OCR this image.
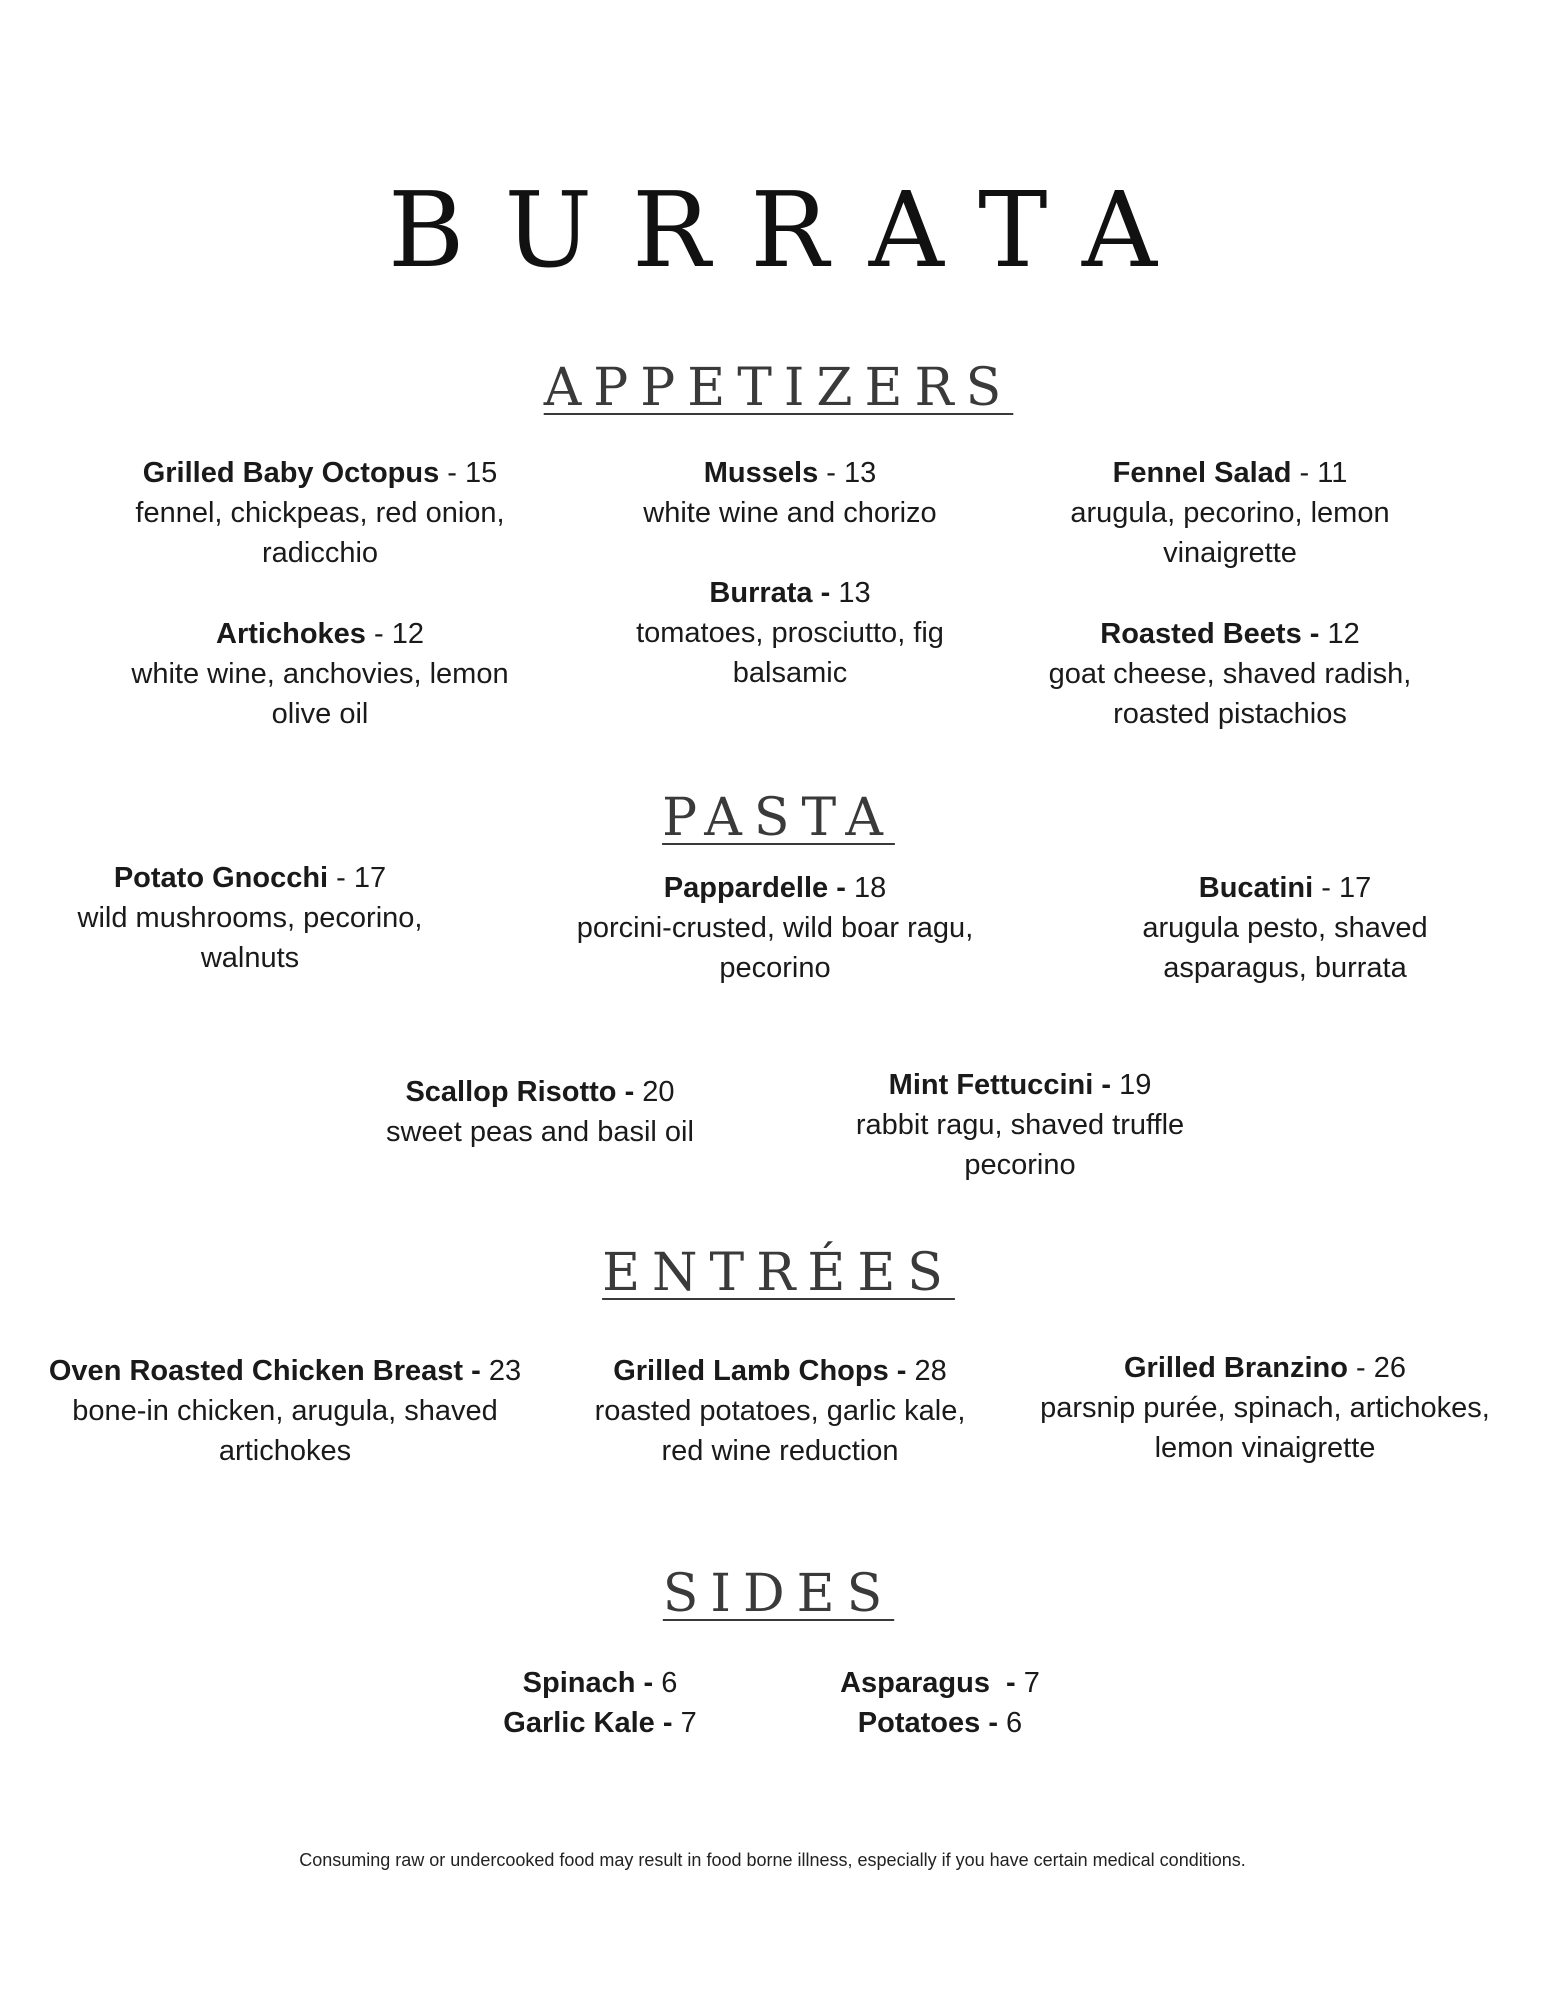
BURRATA
APPETIZERS
Grilled Baby Octopus - 15
fennel, chickpeas, red onion, radicchio
Artichokes - 12
white wine, anchovies, lemon olive oil
Mussels - 13
white wine and chorizo
Burrata - 13
tomatoes, prosciutto, fig balsamic
Fennel Salad - 11
arugula, pecorino, lemon vinaigrette
Roasted Beets - 12
goat cheese, shaved radish, roasted pistachios
PASTA
Potato Gnocchi - 17
wild mushrooms, pecorino, walnuts
Pappardelle - 18
porcini-crusted, wild boar ragu, pecorino
Bucatini - 17
arugula pesto, shaved asparagus, burrata
Scallop Risotto - 20
sweet peas and basil oil
Mint Fettuccini - 19
rabbit ragu, shaved truffle pecorino
ENTRÉES
Oven Roasted Chicken Breast - 23
bone-in chicken, arugula, shaved artichokes
Grilled Lamb Chops - 28
roasted potatoes, garlic kale, red wine reduction
Grilled Branzino - 26
parsnip purée, spinach, artichokes, lemon vinaigrette
SIDES
Spinach - 6
Garlic Kale - 7
Asparagus  - 7
Potatoes - 6
Consuming raw or undercooked food may result in food borne illness, especially if you have certain medical conditions.
